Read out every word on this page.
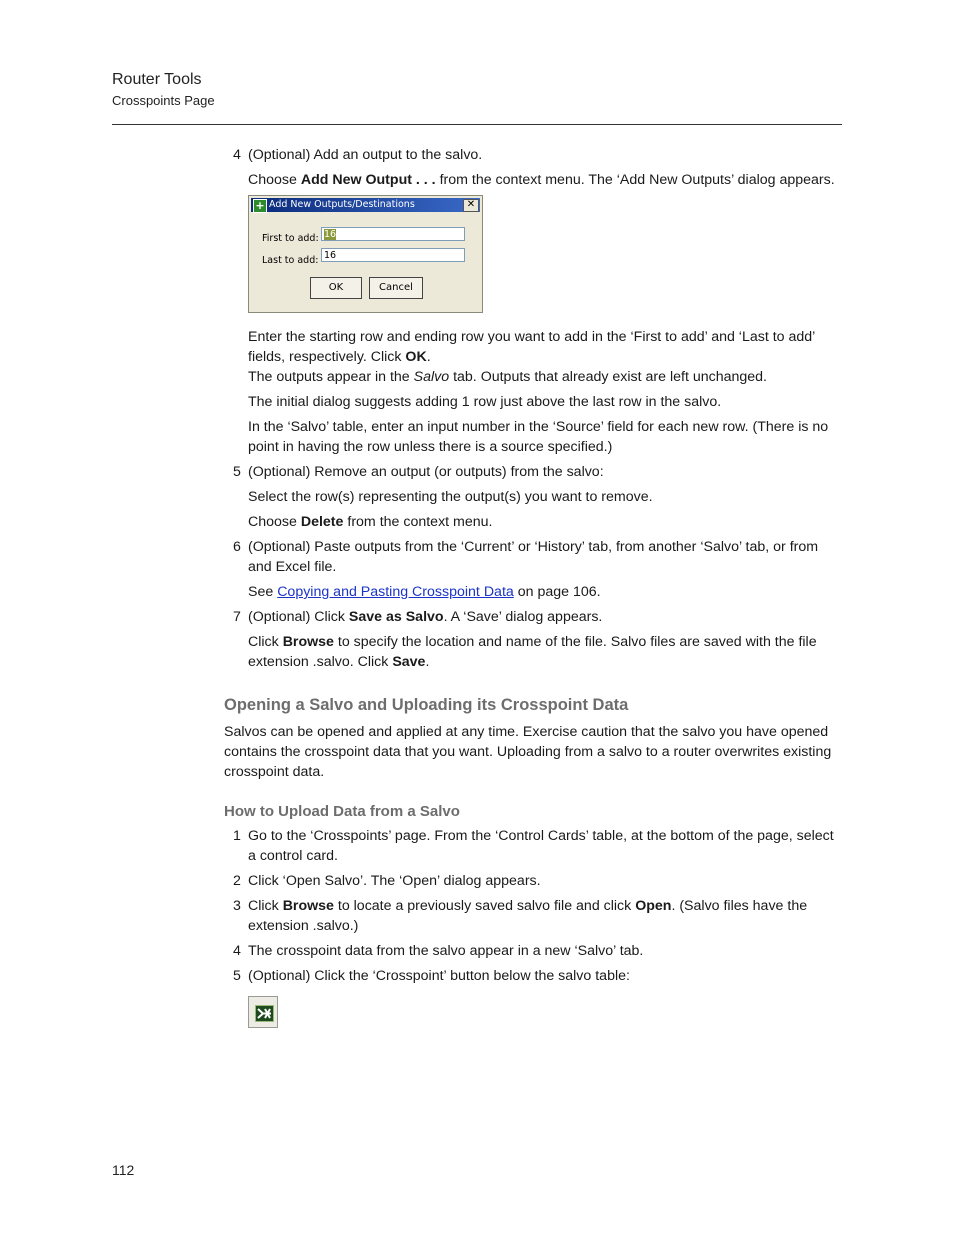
Router Tools
Crosspoints Page
4 (Optional) Add an output to the salvo.
Choose Add New Output . . . from the context menu. The ‘Add New Outputs’ dialog appears.
+ Add New Outputs/Destinations	✕
First to add: 16
Last to add: 16
OK	Cancel
Enter the starting row and ending row you want to add in the ‘First to add’ and ‘Last to add’ fields, respectively. Click OK.
The outputs appear in the Salvo tab. Outputs that already exist are left unchanged.
The initial dialog suggests adding 1 row just above the last row in the salvo.
In the ‘Salvo’ table, enter an input number in the ‘Source’ field for each new row. (There is no point in having the row unless there is a source specified.)
5 (Optional) Remove an output (or outputs) from the salvo:
Select the row(s) representing the output(s) you want to remove.
Choose Delete from the context menu.
6 (Optional) Paste outputs from the ‘Current’ or ‘History’ tab, from another ‘Salvo’ tab, or from and Excel file.
See Copying and Pasting Crosspoint Data on page 106.
7 (Optional) Click Save as Salvo. A ‘Save’ dialog appears.
Click Browse to specify the location and name of the file. Salvo files are saved with the file extension .salvo. Click Save.
Opening a Salvo and Uploading its Crosspoint Data
Salvos can be opened and applied at any time. Exercise caution that the salvo you have opened contains the crosspoint data that you want. Uploading from a salvo to a router overwrites existing crosspoint data.
How to Upload Data from a Salvo
1 Go to the ‘Crosspoints’ page. From the ‘Control Cards’ table, at the bottom of the page, select a control card.
2 Click ‘Open Salvo’. The ‘Open’ dialog appears.
3 Click Browse to locate a previously saved salvo file and click Open. (Salvo files have the extension .salvo.)
4 The crosspoint data from the salvo appear in a new ‘Salvo’ tab.
5 (Optional) Click the ‘Crosspoint’ button below the salvo table:
112
